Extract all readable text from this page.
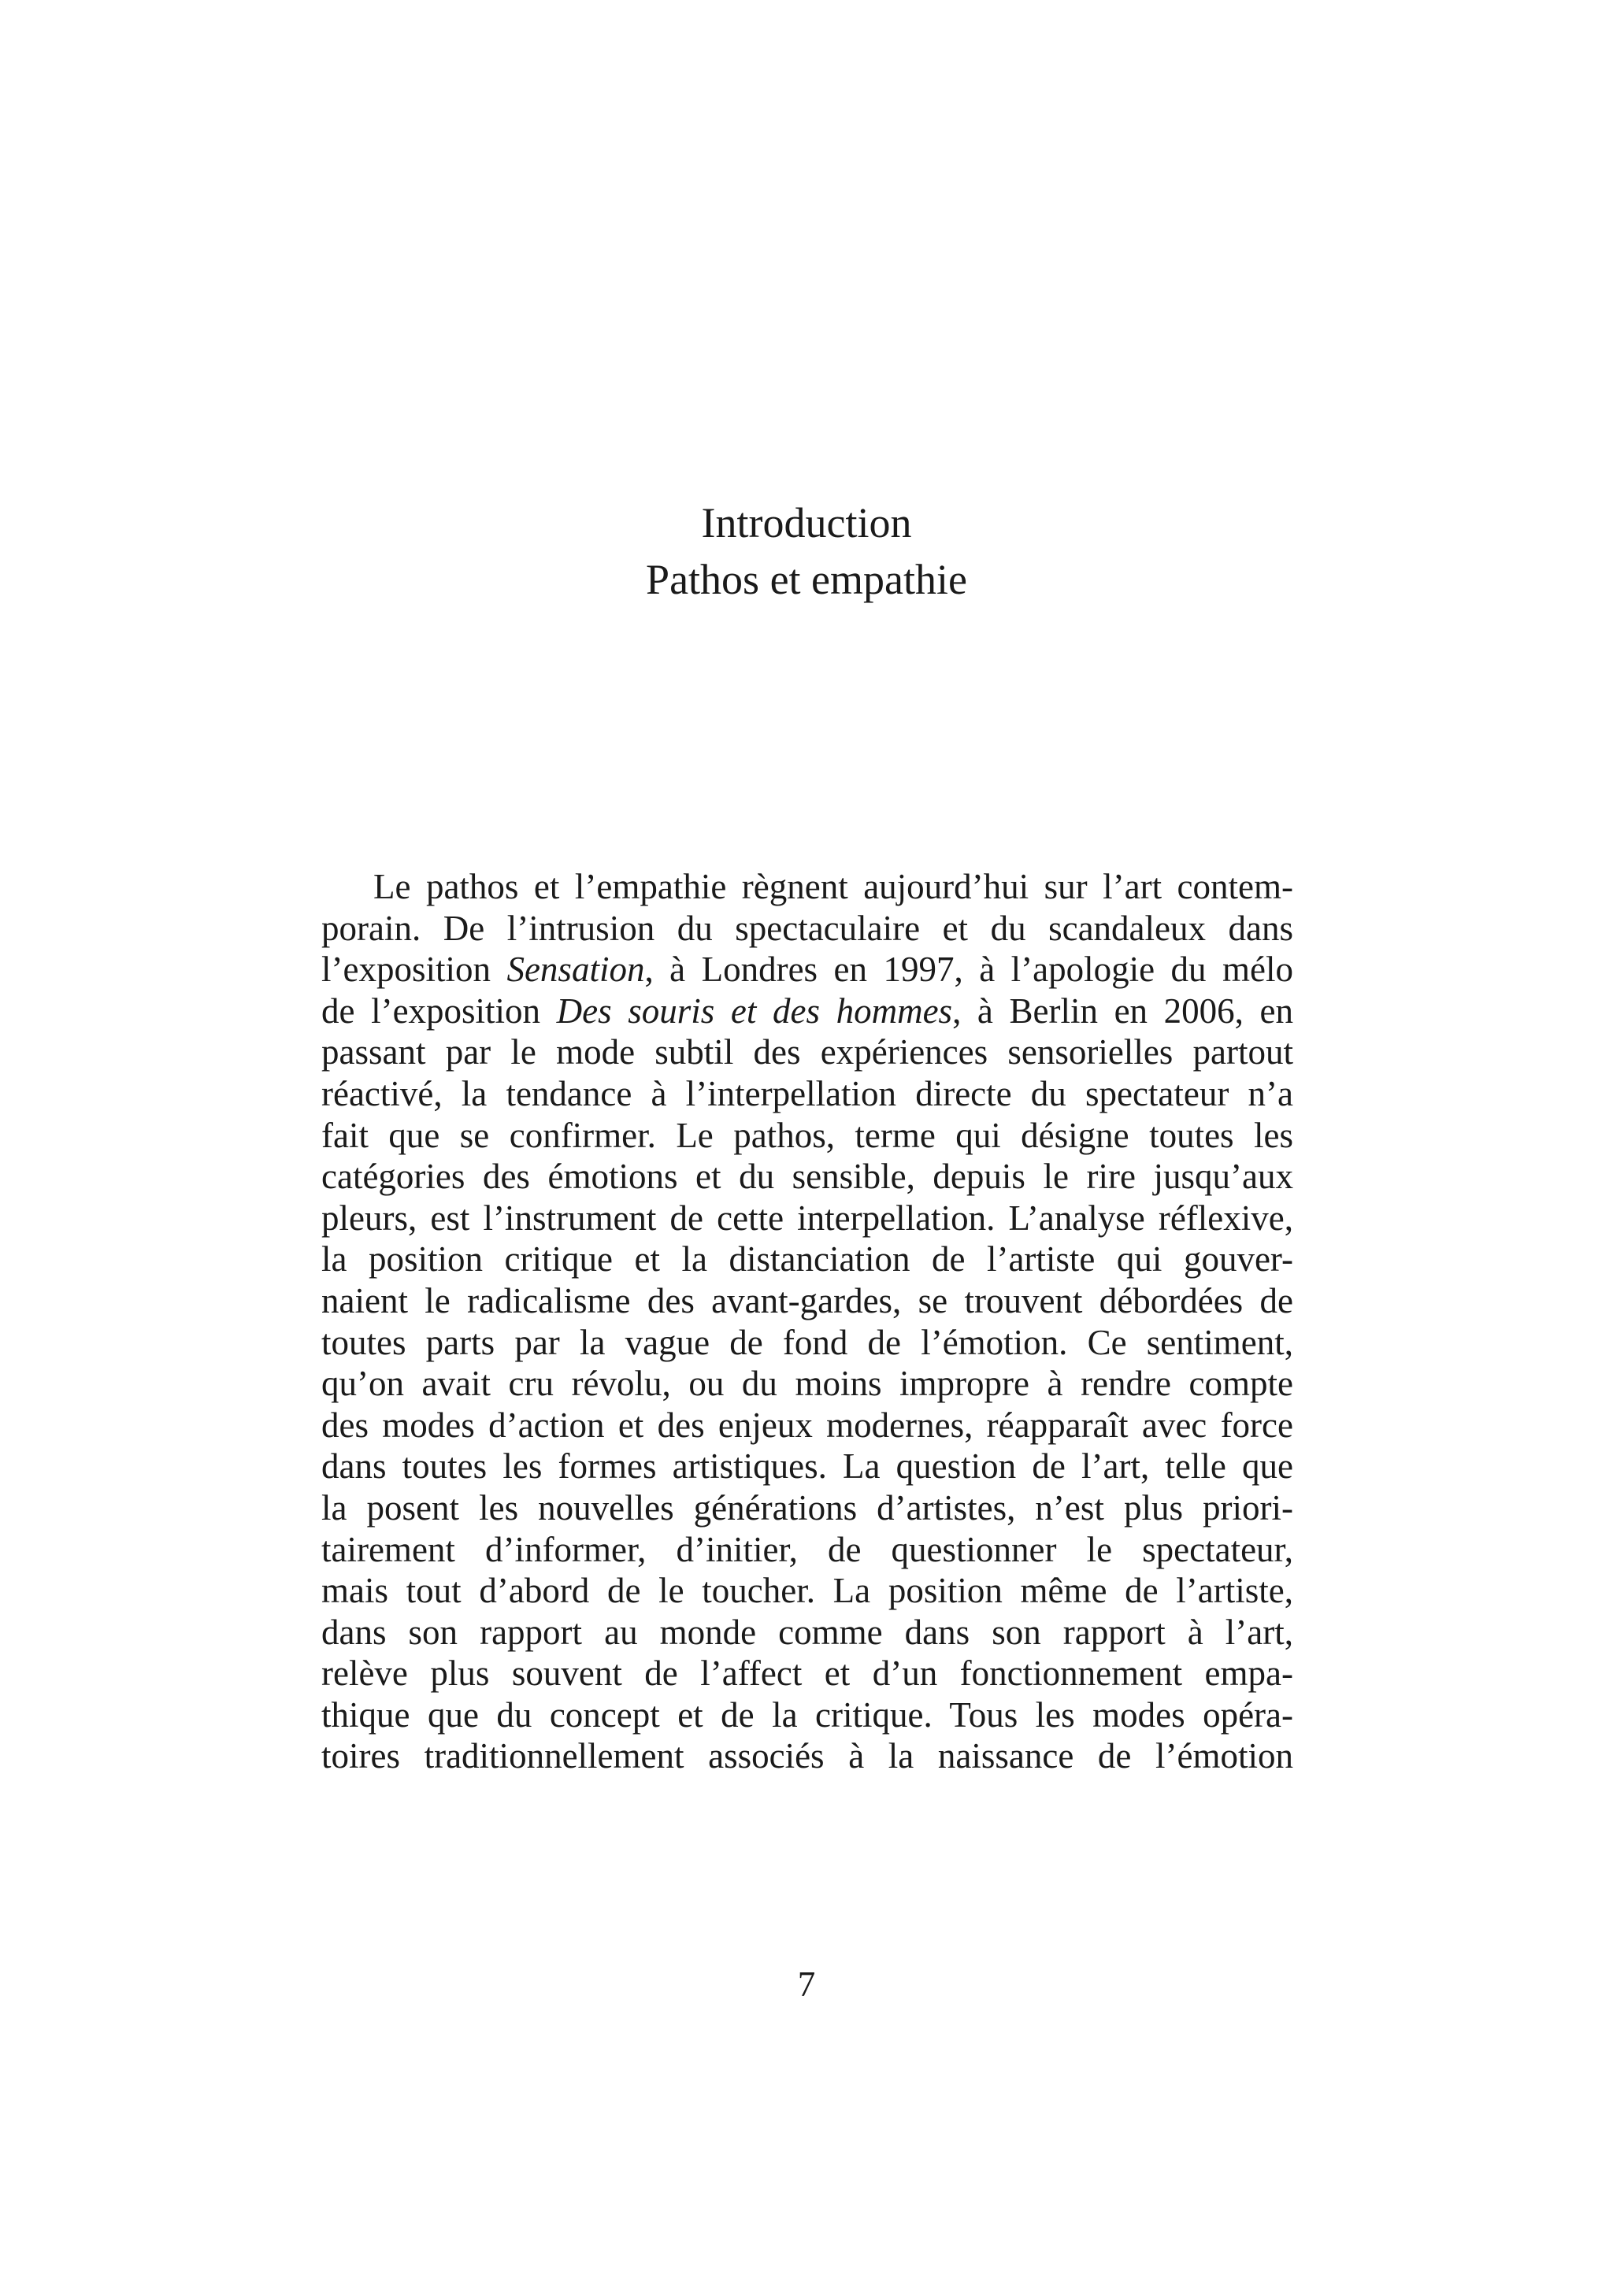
Introduction
Pathos et empathie
Le pathos et l’empathie règnent aujourd’hui sur l’art contem-
porain. De l’intrusion du spectaculaire et du scandaleux dans
l’exposition Sensation, à Londres en 1997, à l’apologie du mélo
de l’exposition Des souris et des hommes, à Berlin en 2006, en
passant par le mode subtil des expériences sensorielles partout
réactivé, la tendance à l’interpellation directe du spectateur n’a
fait que se confirmer. Le pathos, terme qui désigne toutes les
catégories des émotions et du sensible, depuis le rire jusqu’aux
pleurs, est l’instrument de cette interpellation. L’analyse réflexive,
la position critique et la distanciation de l’artiste qui gouver-
naient le radicalisme des avant-gardes, se trouvent débordées de
toutes parts par la vague de fond de l’émotion. Ce sentiment,
qu’on avait cru révolu, ou du moins impropre à rendre compte
des modes d’action et des enjeux modernes, réapparaît avec force
dans toutes les formes artistiques. La question de l’art, telle que
la posent les nouvelles générations d’artistes, n’est plus priori-
tairement d’informer, d’initier, de questionner le spectateur,
mais tout d’abord de le toucher. La position même de l’artiste,
dans son rapport au monde comme dans son rapport à l’art,
relève plus souvent de l’affect et d’un fonctionnement empa-
thique que du concept et de la critique. Tous les modes opéra-
toires traditionnellement associés à la naissance de l’émotion
7
